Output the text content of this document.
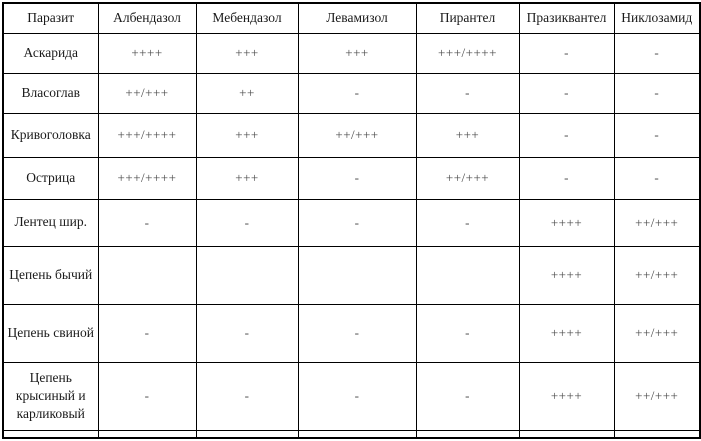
Паразит	Албендазол	Мебендазол	Левамизол	Пирантел	Празиквантел	Никлозамид
Аскарида	++++	+++	+++	+++/++++	-	-
Власоглав	++/+++	++	-	-	-	-
Кривоголовка	+++/++++	+++	++/+++	+++	-	-
Острица	+++/++++	+++	-	++/+++	-	-
Лентец шир.	-	-	-	-	++++	++/+++
Цепень бычий					++++	++/+++
Цепень свиной	-	-	-	-	++++	++/+++
Цепень крысиный и карликовый	-	-	-	-	++++	++/+++
